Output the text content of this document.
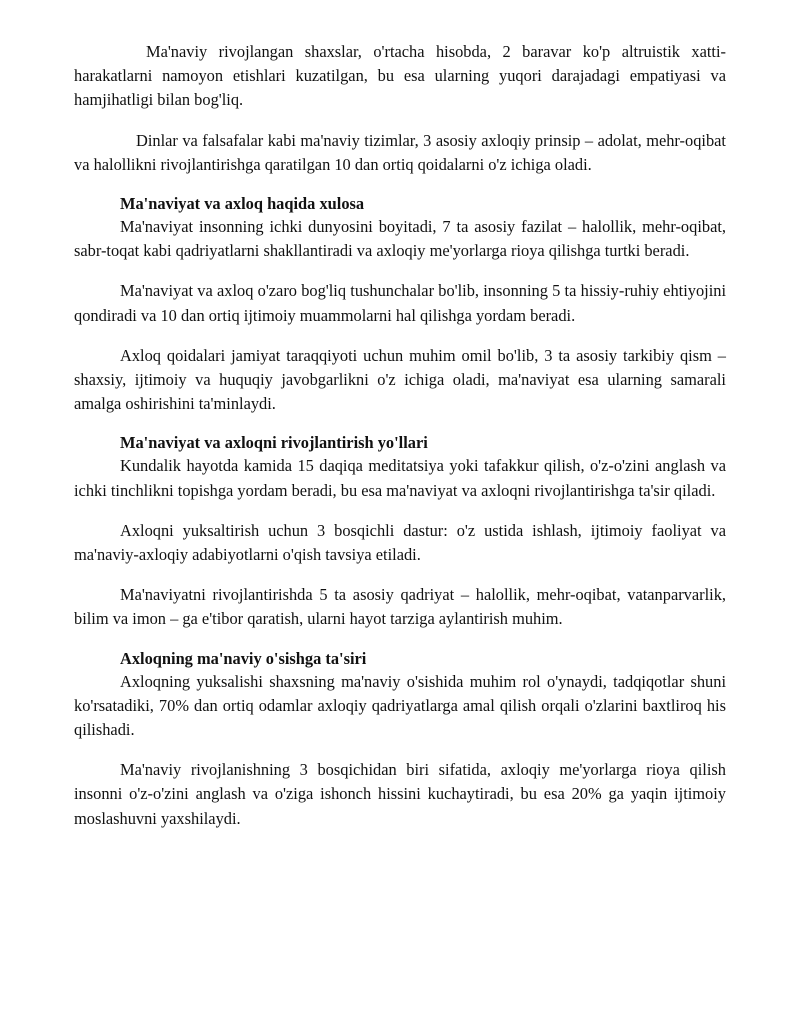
Ma'naviy rivojlangan shaxslar, o'rtacha hisobda, 2 baravar ko'p altruistik xatti-harakatlarni namoyon etishlari kuzatilgan, bu esa ularning yuqori darajadagi empatiyasi va hamjihatligi bilan bog'liq.

Dinlar va falsafalar kabi ma'naviy tizimlar, 3 asosiy axloqiy prinsip – adolat, mehr-oqibat va halollikni rivojlantirishga qaratilgan 10 dan ortiq qoidalarni o'z ichiga oladi.

Ma'naviyat va axloq haqida xulosa

Ma'naviyat insonning ichki dunyosini boyitadi, 7 ta asosiy fazilat – halollik, mehr-oqibat, sabr-toqat kabi qadriyatlarni shakllantiradi va axloqiy me'yorlarga rioya qilishga turtki beradi.

Ma'naviyat va axloq o'zaro bog'liq tushunchalar bo'lib, insonning 5 ta hissiy-ruhiy ehtiyojini qondiradi va 10 dan ortiq ijtimoiy muammolarni hal qilishga yordam beradi.

Axloq qoidalari jamiyat taraqqiyoti uchun muhim omil bo'lib, 3 ta asosiy tarkibiy qism – shaxsiy, ijtimoiy va huquqiy javobgarlikni o'z ichiga oladi, ma'naviyat esa ularning samarali amalga oshirishini ta'minlaydi.

Ma'naviyat va axloqni rivojlantirish yo'llari

Kundalik hayotda kamida 15 daqiqa meditatsiya yoki tafakkur qilish, o'z-o'zini anglash va ichki tinchlikni topishga yordam beradi, bu esa ma'naviyat va axloqni rivojlantirishga ta'sir qiladi.

Axloqni yuksaltirish uchun 3 bosqichli dastur: o'z ustida ishlash, ijtimoiy faoliyat va ma'naviy-axloqiy adabiyotlarni o'qish tavsiya etiladi.

Ma'naviyatni rivojlantirishda 5 ta asosiy qadriyat – halollik, mehr-oqibat, vatanparvarlik, bilim va imon – ga e'tibor qaratish, ularni hayot tarziga aylantirish muhim.

Axloqning ma'naviy o'sishga ta'siri

Axloqning yuksalishi shaxsning ma'naviy o'sishida muhim rol o'ynaydi, tadqiqotlar shuni ko'rsatadiki, 70% dan ortiq odamlar axloqiy qadriyatlarga amal qilish orqali o'zlarini baxtliroq his qilishadi.

Ma'naviy rivojlanishning 3 bosqichidan biri sifatida, axloqiy me'yorlarga rioya qilish insonni o'z-o'zini anglash va o'ziga ishonch hissini kuchaytiradi, bu esa 20% ga yaqin ijtimoiy moslashuvni yaxshilaydi.
